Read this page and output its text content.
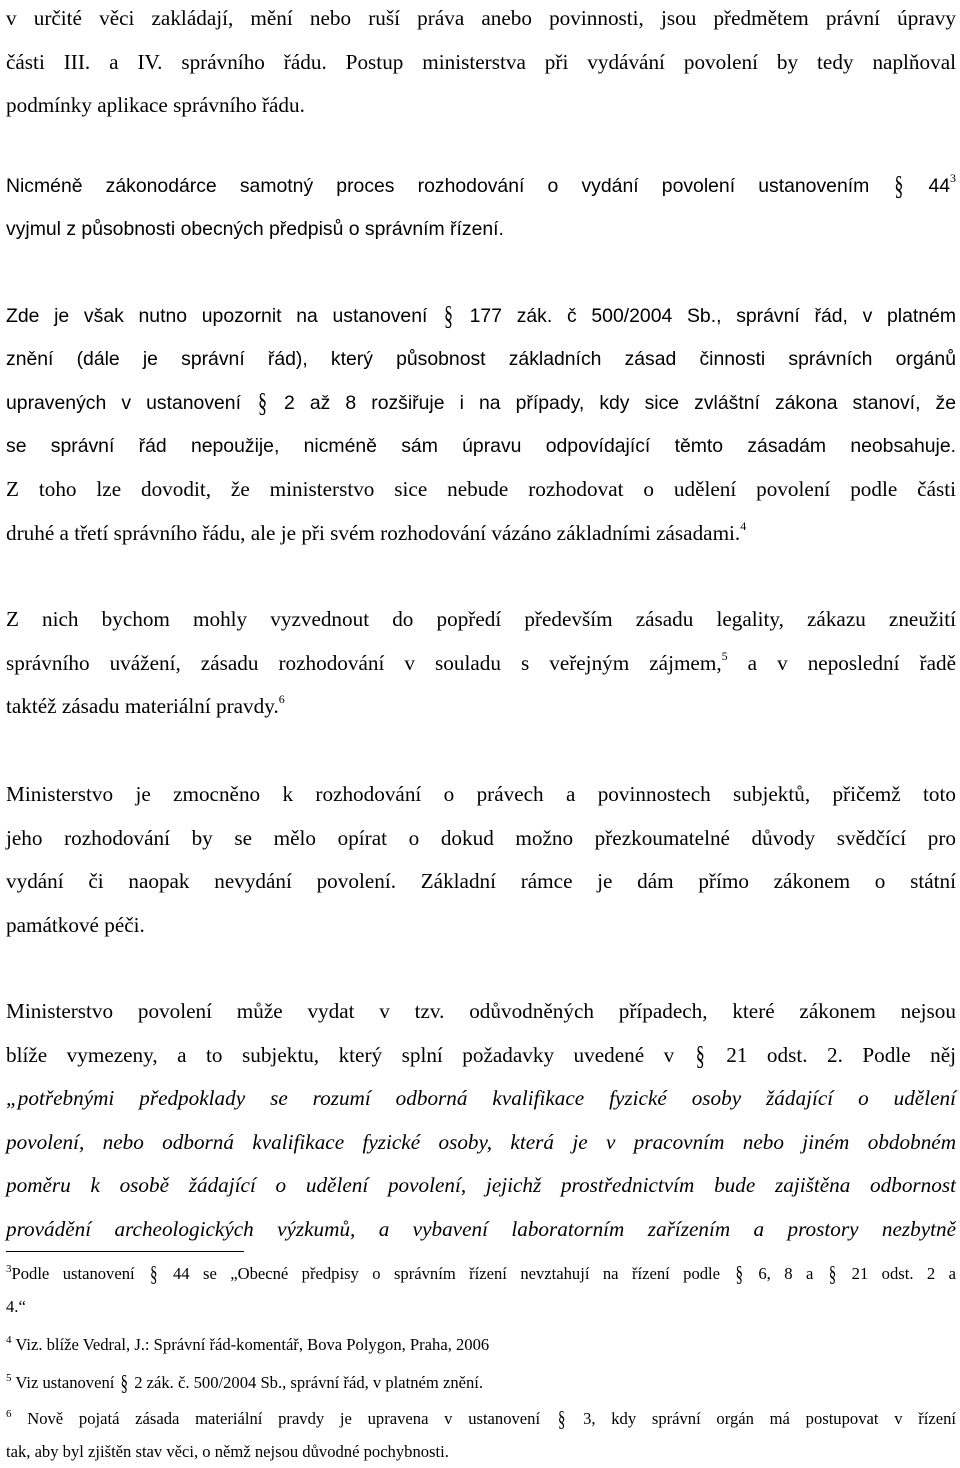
v určité věci zakládají, mění nebo ruší práva anebo povinnosti, jsou předmětem právní úpravy
části III. a IV. správního řádu. Postup ministerstva při vydávání povolení by tedy naplňoval
podmínky aplikace správního řádu.
Nicméně zákonodárce samotný proces rozhodování o vydání povolení ustanovením § $44^3$
vyjmul z působnosti obecných předpisů o správním řízení.
Zde je však nutno upozornit na ustanovení § 177 zák. č 500/2004 Sb., správní řád, v platném
znění (dále je správní řád), který působnost základních zásad činnosti správních orgánů
upravených v ustanovení § 2 až 8 rozšiřuje i na případy, kdy sice zvláštní zákona stanoví, že
se správní řád nepoužije, nicméně sám úpravu odpovídající těmto zásadám neobsahuje.
Z toho lze dovodit, že ministerstvo sice nebude rozhodovat o udělení povolení podle části
druhé a třetí správního řádu, ale je při svém rozhodování vázáno základními zásadami.$^4$
Z nich bychom mohly vyzvednout do popředí především zásadu legality, zákazu zneužití
správního uvážení, zásadu rozhodování v souladu s veřejným zájmem,$^5$ a v neposlední řadě
taktéž zásadu materiální pravdy.$^6$
Ministerstvo je zmocněno k rozhodování o právech a povinnostech subjektů, přičemž toto
jeho rozhodování by se mělo opírat o dokud možno přezkoumatelné důvody svědčící pro
vydání či naopak nevydání povolení. Základní rámce je dám přímo zákonem o státní
památkové péči.
Ministerstvo povolení může vydat v tzv. odůvodněných případech, které zákonem nejsou
blíže vymezeny, a to subjektu, který splní požadavky uvedené v § 21 odst. 2. Podle něj
„potřebnými předpoklady se rozumí odborná kvalifikace fyzické osoby žádající o udělení
povolení, nebo odborná kvalifikace fyzické osoby, která je v pracovním nebo jiném obdobném
poměru k osobě žádající o udělení povolení, jejichž prostřednictvím bude zajištěna odbornost
provádění archeologických výzkumů, a vybavení laboratorním zařízením a prostory nezbytně
$^3$Podle ustanovení § 44 se „Obecné předpisy o správním řízení nevztahují na řízení podle § 6, 8 a § 21 odst. 2 a
4.“
$^4$ Viz. blíže Vedral, J.: Správní řád-komentář, Bova Polygon, Praha, 2006
$^5$ Viz ustanovení § 2 zák. č. 500/2004 Sb., správní řád, v platném znění.
$^6$ Nově pojatá zásada materiální pravdy je upravena v ustanovení § 3, kdy správní orgán má postupovat v řízení
tak, aby byl zjištěn stav věci, o němž nejsou důvodné pochybnosti.
